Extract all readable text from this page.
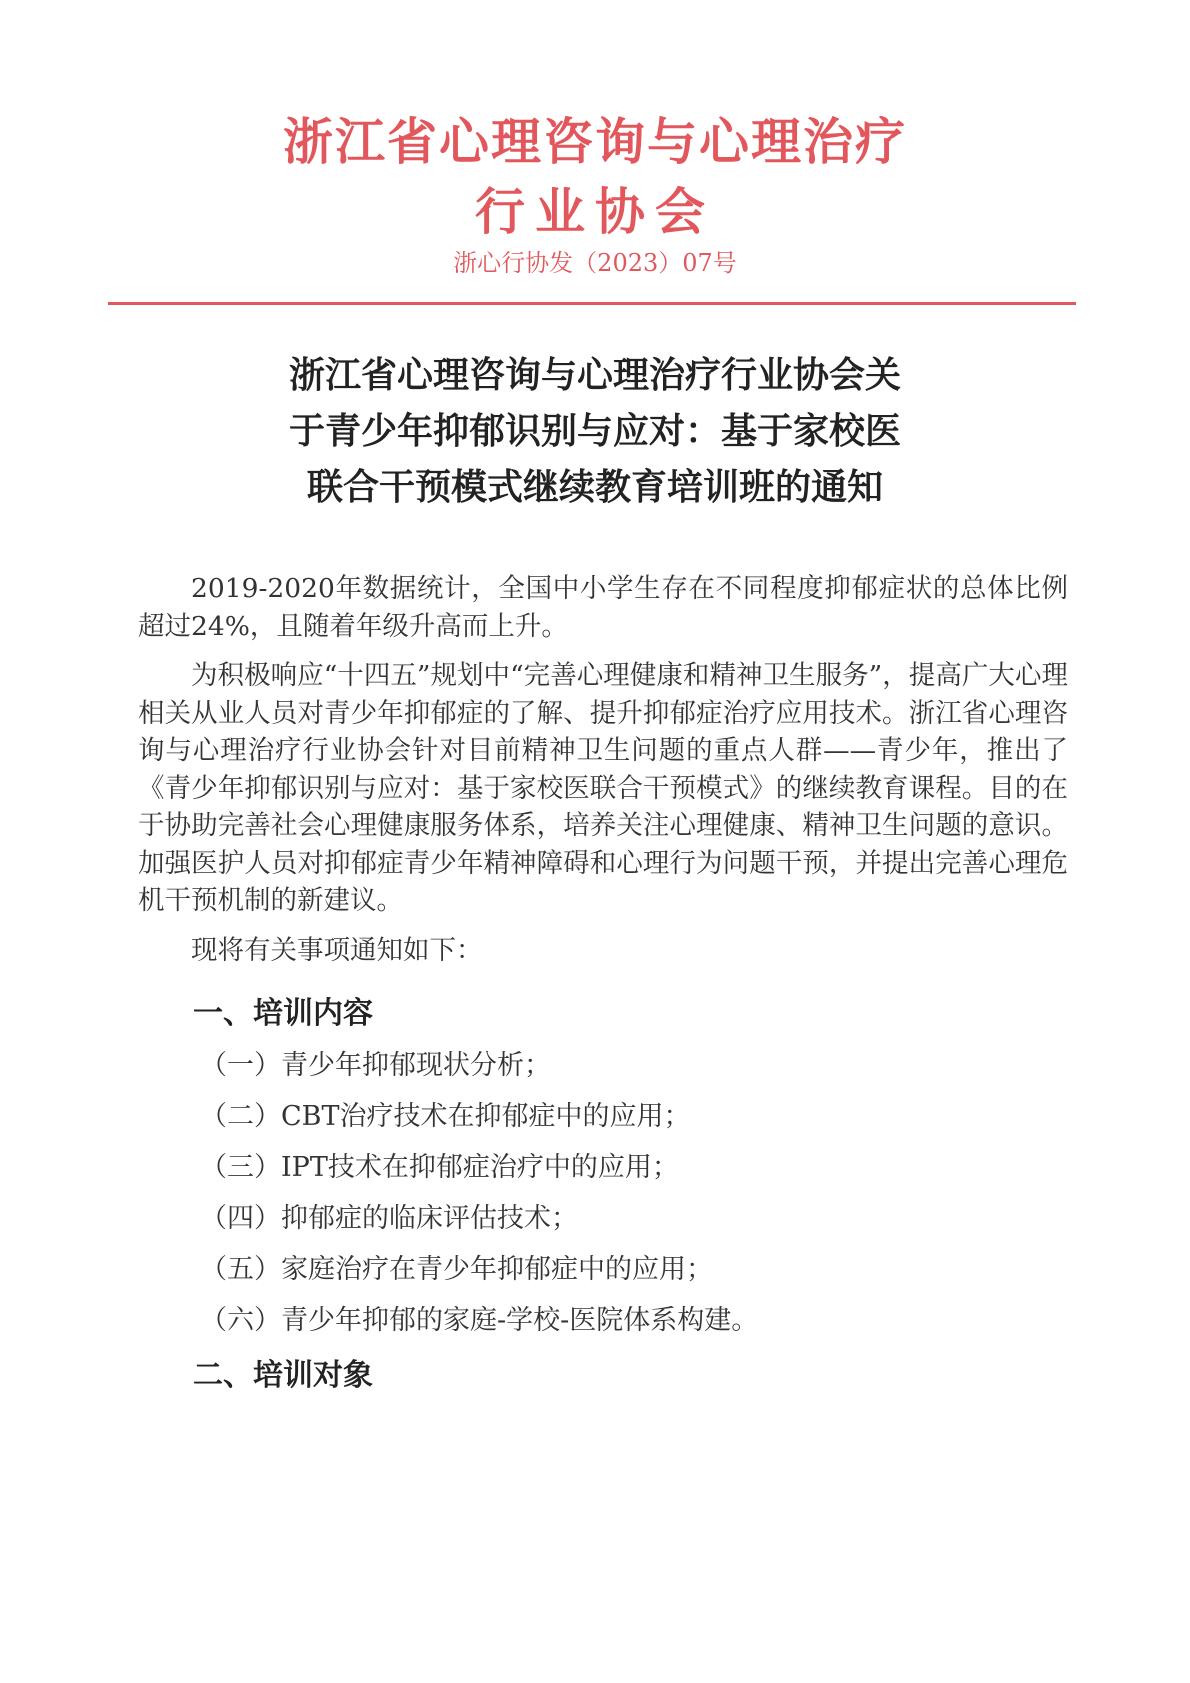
浙江省心理咨询与心理治疗
行业协会
浙心行协发（2023）07号
浙江省心理咨询与心理治疗行业协会关
于青少年抑郁识别与应对：基于家校医
联合干预模式继续教育培训班的通知

2019-2020年数据统计，全国中小学生存在不同程度抑郁症状的总体比例超过24%，且随着年级升高而上升。

为积极响应“十四五”规划中“完善心理健康和精神卫生服务”，提高广大心理相关从业人员对青少年抑郁症的了解、提升抑郁症治疗应用技术。浙江省心理咨询与心理治疗行业协会针对目前精神卫生问题的重点人群——青少年，推出了《青少年抑郁识别与应对：基于家校医联合干预模式》的继续教育课程。目的在于协助完善社会心理健康服务体系，培养关注心理健康、精神卫生问题的意识。加强医护人员对抑郁症青少年精神障碍和心理行为问题干预，并提出完善心理危机干预机制的新建议。

现将有关事项通知如下：

一、培训内容
（一）青少年抑郁现状分析；
（二）CBT治疗技术在抑郁症中的应用；
（三）IPT技术在抑郁症治疗中的应用；
（四）抑郁症的临床评估技术；
（五）家庭治疗在青少年抑郁症中的应用；
（六）青少年抑郁的家庭-学校-医院体系构建。
二、培训对象
